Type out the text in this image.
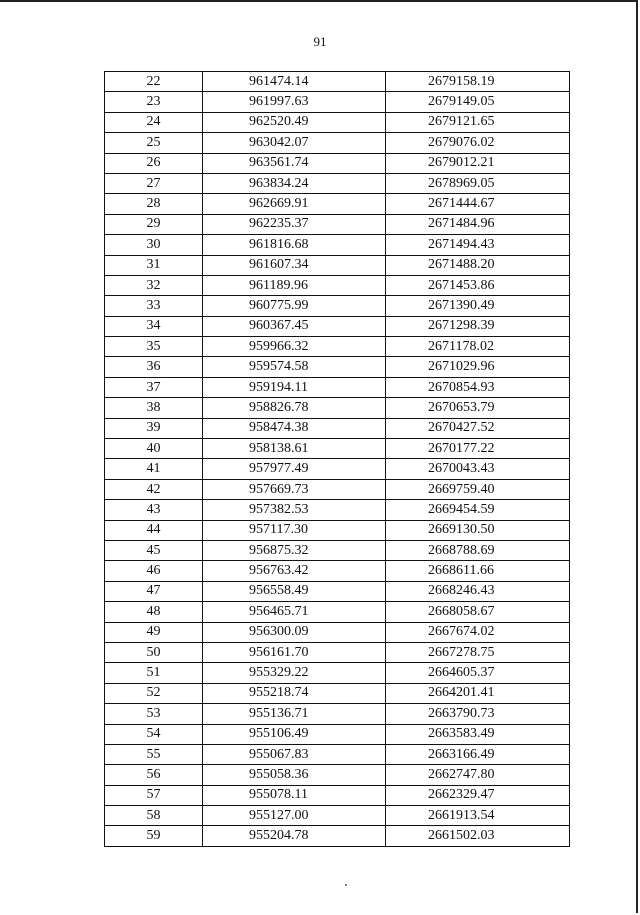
91
22	961474.14	2679158.19
23	961997.63	2679149.05
24	962520.49	2679121.65
25	963042.07	2679076.02
26	963561.74	2679012.21
27	963834.24	2678969.05
28	962669.91	2671444.67
29	962235.37	2671484.96
30	961816.68	2671494.43
31	961607.34	2671488.20
32	961189.96	2671453.86
33	960775.99	2671390.49
34	960367.45	2671298.39
35	959966.32	2671178.02
36	959574.58	2671029.96
37	959194.11	2670854.93
38	958826.78	2670653.79
39	958474.38	2670427.52
40	958138.61	2670177.22
41	957977.49	2670043.43
42	957669.73	2669759.40
43	957382.53	2669454.59
44	957117.30	2669130.50
45	956875.32	2668788.69
46	956763.42	2668611.66
47	956558.49	2668246.43
48	956465.71	2668058.67
49	956300.09	2667674.02
50	956161.70	2667278.75
51	955329.22	2664605.37
52	955218.74	2664201.41
53	955136.71	2663790.73
54	955106.49	2663583.49
55	955067.83	2663166.49
56	955058.36	2662747.80
57	955078.11	2662329.47
58	955127.00	2661913.54
59	955204.78	2661502.03
